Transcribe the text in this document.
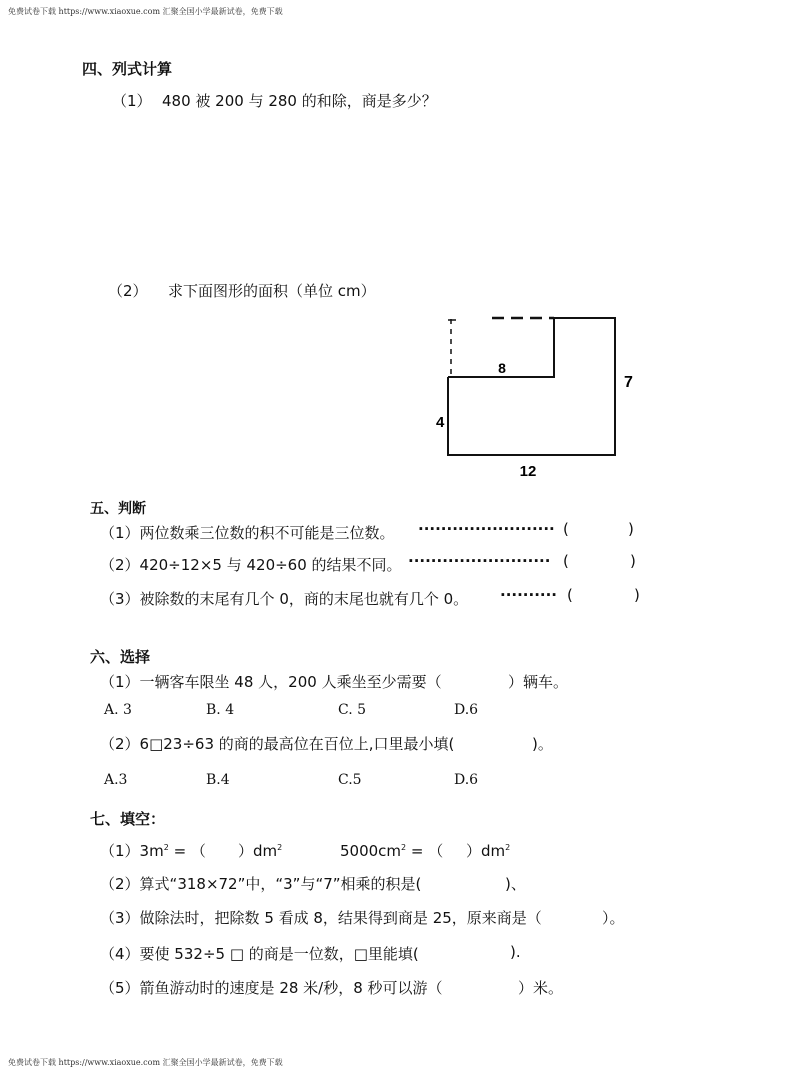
免费试卷下载 https://www.xiaoxue.com 汇聚全国小学最新试卷，免费下载
免费试卷下载 https://www.xiaoxue.com 汇聚全国小学最新试卷，免费下载
四、列式计算
（1） 480 被 200 与 280 的和除，商是多少？
（2） 求下面图形的面积（单位 cm）
8
7
4
12
五、判断
（1）两位数乘三位数的积不可能是三位数。 ························ (	)
（2）420÷12×5 与 420÷60 的结果不同。 ························· (	)
（3）被除数的末尾有几个 0，商的末尾也就有几个 0。 ·········· (	)
六、选择
（1）一辆客车限坐 48 人，200 人乘坐至少需要（	）辆车。
A. 3	B. 4	C. 5	D.6
（2）6□23÷63 的商的最高位在百位上,口里最小填(	)。
A.3	B.4	C.5	D.6
七、填空：
$(1)3m^2$ = （ ）$dm^2$	$5000cm^2$ = （ ）$dm^2$
（2）算式“318×72”中，“3”与“7”相乘的积是(	)、
（3）做除法时，把除数 5 看成 8，结果得到商是 25，原来商是（	）。
（4）要使 532÷5 □ 的商是一位数，□里能填(	).
（5）箭鱼游动时的速度是 28 米/秒，8 秒可以游（	）米。
